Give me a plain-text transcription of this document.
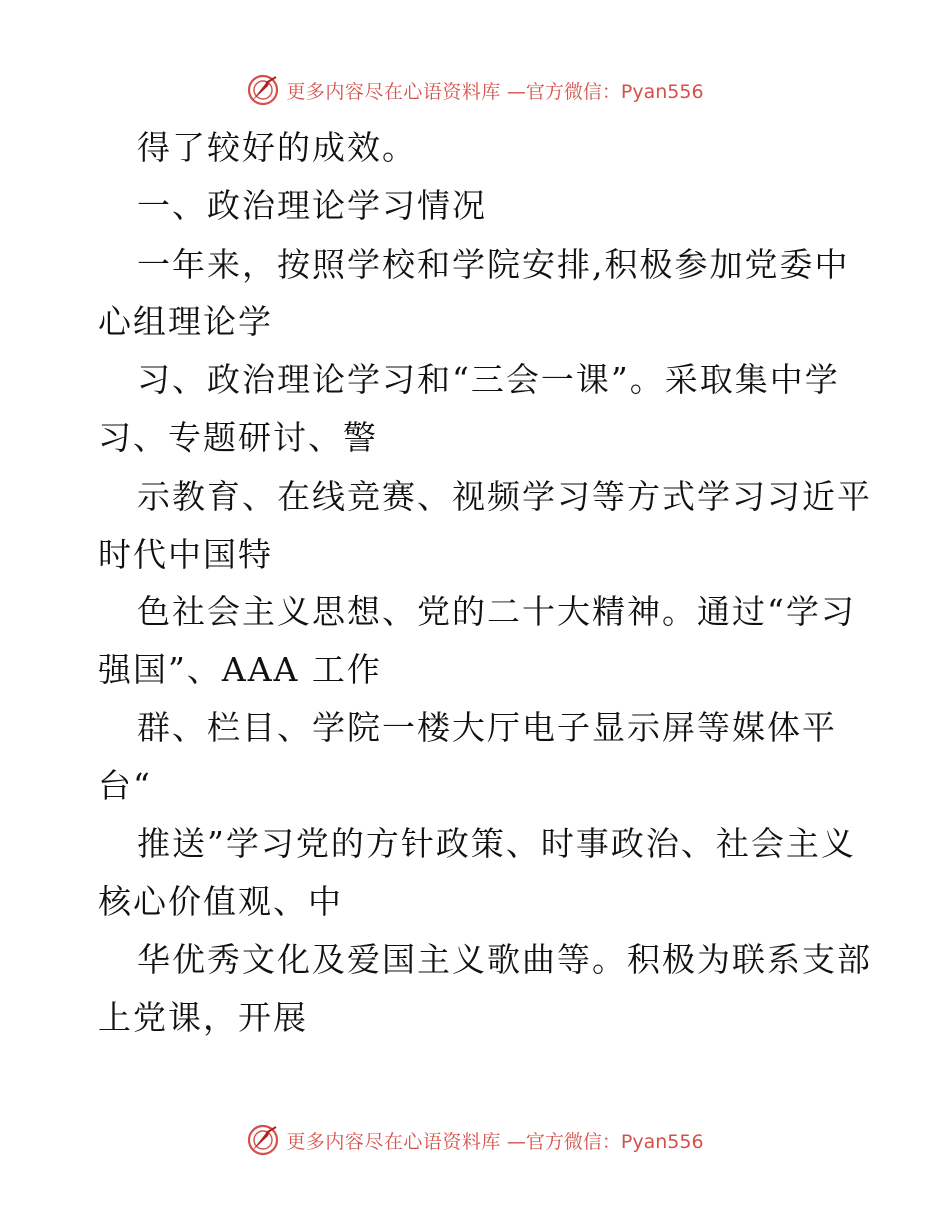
更多内容尽在心语资料库 —官方微信：Pyan556
得了较好的成效。
一、政治理论学习情况
一年来，按照学校和学院安排,积极参加党委中
心组理论学
习、政治理论学习和“三会一课”。采取集中学
习、专题研讨、警
示教育、在线竞赛、视频学习等方式学习习近平
时代中国特
色社会主义思想、党的二十大精神。通过“学习
强国”、AAA 工作
群、栏目、学院一楼大厅电子显示屏等媒体平
台“
推送”学习党的方针政策、时事政治、社会主义
核心价值观、中
华优秀文化及爱国主义歌曲等。积极为联系支部
上党课，开展
更多内容尽在心语资料库 —官方微信：Pyan556
